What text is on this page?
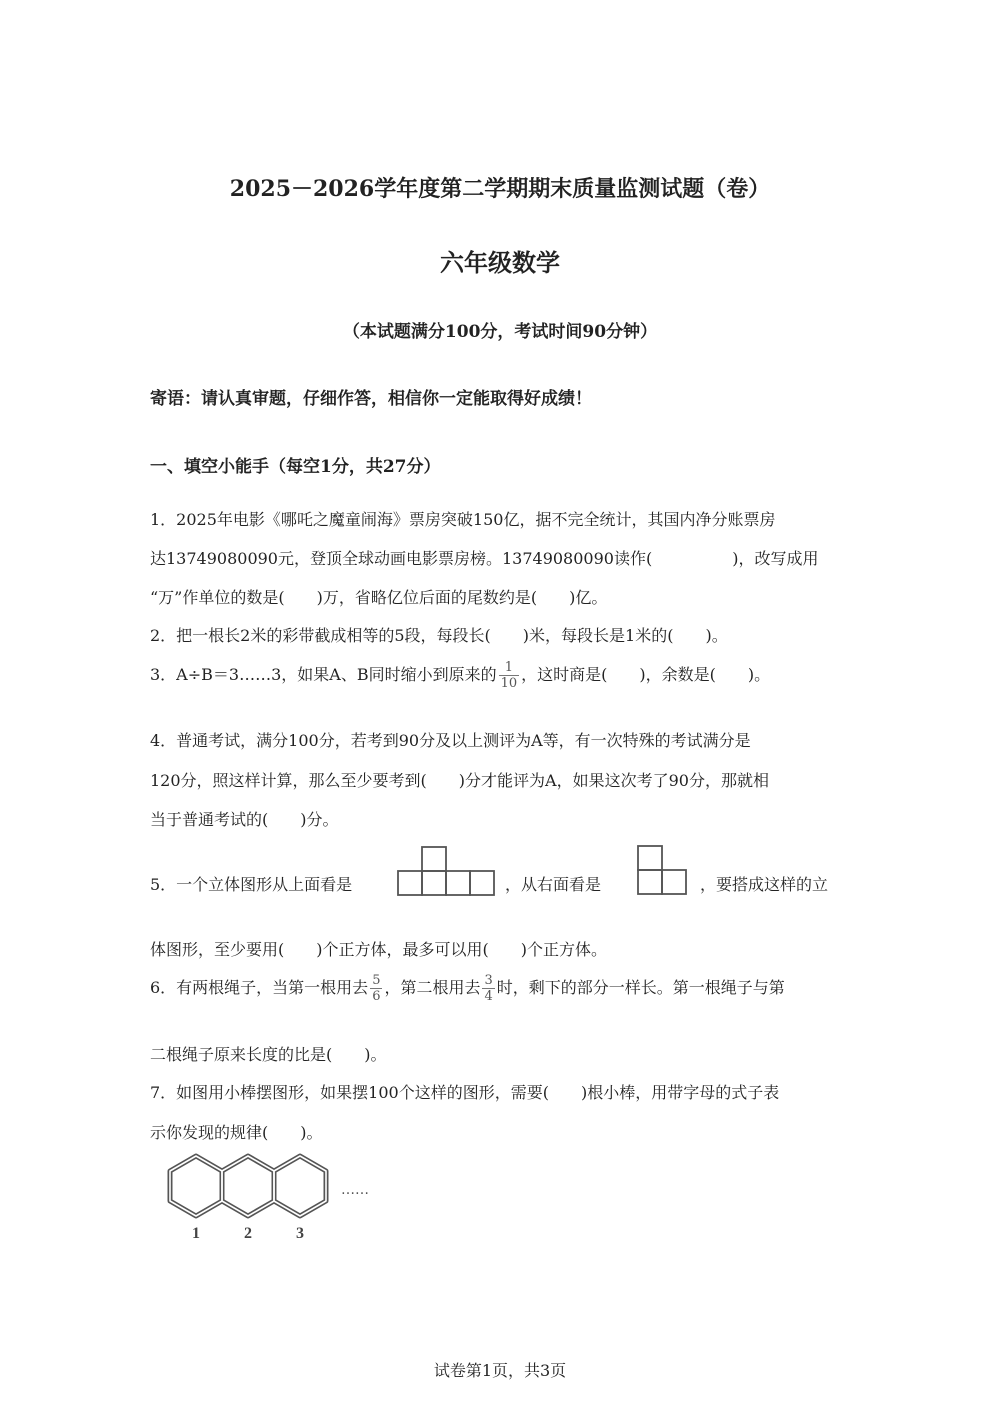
2025－2026学年度第二学期期末质量监测试题（卷）
六年级数学
（本试题满分100分，考试时间90分钟）
寄语：请认真审题，仔细作答，相信你一定能取得好成绩！
一、填空小能手（每空1分，共27分）
1．2025年电影《哪吒之魔童闹海》票房突破150亿，据不完全统计，其国内净分账票房
达13749080090元，登顶全球动画电影票房榜。13749080090读作(　　　　　)，改写成用
“万”作单位的数是(　　)万，省略亿位后面的尾数约是(　　)亿。
2．把一根长2米的彩带截成相等的5段，每段长(　　)米，每段长是1米的(　　)。
3．A÷B＝3……3，如果A、B同时缩小到原来的 $\frac{1}{10}$ ，这时商是(　　)，余数是(　　)。
4．普通考试，满分100分，若考到90分及以上测评为A等，有一次特殊的考试满分是
120分，照这样计算，那么至少要考到(　　)分才能评为A，如果这次考了90分，那就相
当于普通考试的(　　)分。
5．一个立体图形从上面看是	，从右面看是	，要搭成这样的立
体图形，至少要用(　　)个正方体，最多可以用(　　)个正方体。
6．有两根绳子，当第一根用去 $\frac{5}{6}$ ，第二根用去 $\frac{3}{4}$ 时，剩下的部分一样长。第一根绳子与第
二根绳子原来长度的比是(　　)。
7．如图用小棒摆图形，如果摆100个这样的图形，需要(　　)根小棒，用带字母的式子表
示你发现的规律(　　)。
1	2	3
……
试卷第1页，共3页
